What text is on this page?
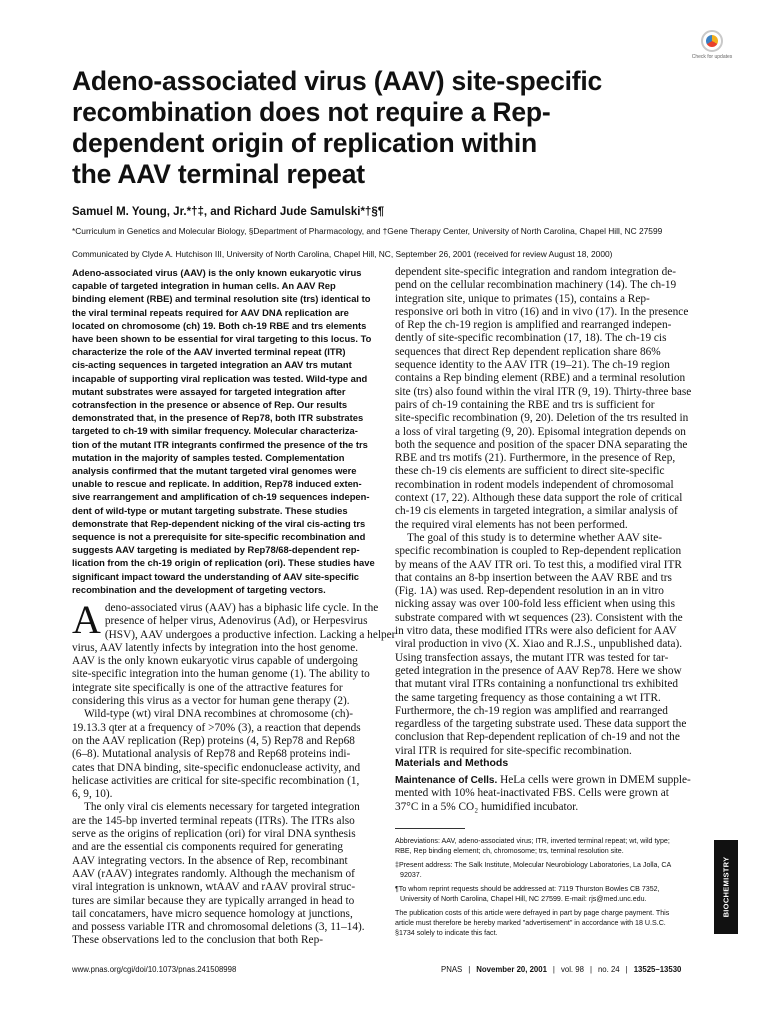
Check for updates
Adeno-associated virus (AAV) site-specific
recombination does not require a Rep-
dependent origin of replication within
the AAV terminal repeat
Samuel M. Young, Jr.*†‡, and Richard Jude Samulski*†§¶
*Curriculum in Genetics and Molecular Biology, §Department of Pharmacology, and †Gene Therapy Center, University of North Carolina, Chapel Hill, NC 27599
Communicated by Clyde A. Hutchison III, University of North Carolina, Chapel Hill, NC, September 26, 2001 (received for review August 18, 2000)
Adeno-associated virus (AAV) is the only known eukaryotic virus
capable of targeted integration in human cells. An AAV Rep
binding element (RBE) and terminal resolution site (trs) identical to
the viral terminal repeats required for AAV DNA replication are
located on chromosome (ch) 19. Both ch-19 RBE and trs elements
have been shown to be essential for viral targeting to this locus. To
characterize the role of the AAV inverted terminal repeat (ITR)
cis-acting sequences in targeted integration an AAV trs mutant
incapable of supporting viral replication was tested. Wild-type and
mutant substrates were assayed for targeted integration after
cotransfection in the presence or absence of Rep. Our results
demonstrated that, in the presence of Rep78, both ITR substrates
targeted to ch-19 with similar frequency. Molecular characteriza-
tion of the mutant ITR integrants confirmed the presence of the trs
mutation in the majority of samples tested. Complementation
analysis confirmed that the mutant targeted viral genomes were
unable to rescue and replicate. In addition, Rep78 induced exten-
sive rearrangement and amplification of ch-19 sequences indepen-
dent of wild-type or mutant targeting substrate. These studies
demonstrate that Rep-dependent nicking of the viral cis-acting trs
sequence is not a prerequisite for site-specific recombination and
suggests AAV targeting is mediated by Rep78/68-dependent rep-
lication from the ch-19 origin of replication (ori). These studies have
significant impact toward the understanding of AAV site-specific
recombination and the development of targeting vectors.
A deno-associated virus (AAV) has a biphasic life cycle. In the
presence of helper virus, Adenovirus (Ad), or Herpesvirus
(HSV), AAV undergoes a productive infection. Lacking a helper
virus, AAV latently infects by integration into the host genome.
AAV is the only known eukaryotic virus capable of undergoing
site-specific integration into the human genome (1). The ability to
integrate site specifically is one of the attractive features for
considering this virus as a vector for human gene therapy (2).
Wild-type (wt) viral DNA recombines at chromosome (ch)-
19.13.3 qter at a frequency of >70% (3), a reaction that depends
on the AAV replication (Rep) proteins (4, 5) Rep78 and Rep68
(6–8). Mutational analysis of Rep78 and Rep68 proteins indi-
cates that DNA binding, site-specific endonuclease activity, and
helicase activities are critical for site-specific recombination (1,
6, 9, 10).
The only viral cis elements necessary for targeted integration
are the 145-bp inverted terminal repeats (ITRs). The ITRs also
serve as the origins of replication (ori) for viral DNA synthesis
and are the essential cis components required for generating
AAV integrating vectors. In the absence of Rep, recombinant
AAV (rAAV) integrates randomly. Although the mechanism of
viral integration is unknown, wtAAV and rAAV proviral struc-
tures are similar because they are typically arranged in head to
tail concatamers, have micro sequence homology at junctions,
and possess variable ITR and chromosomal deletions (3, 11–14).
These observations led to the conclusion that both Rep-
dependent site-specific integration and random integration de-
pend on the cellular recombination machinery (14). The ch-19
integration site, unique to primates (15), contains a Rep-
responsive ori both in vitro (16) and in vivo (17). In the presence
of Rep the ch-19 region is amplified and rearranged indepen-
dently of site-specific recombination (17, 18). The ch-19 cis
sequences that direct Rep dependent replication share 86%
sequence identity to the AAV ITR (19–21). The ch-19 region
contains a Rep binding element (RBE) and a terminal resolution
site (trs) also found within the viral ITR (9, 19). Thirty-three base
pairs of ch-19 containing the RBE and trs is sufficient for
site-specific recombination (9, 20). Deletion of the trs resulted in
a loss of viral targeting (9, 20). Episomal integration depends on
both the sequence and position of the spacer DNA separating the
RBE and trs motifs (21). Furthermore, in the presence of Rep,
these ch-19 cis elements are sufficient to direct site-specific
recombination in rodent models independent of chromosomal
context (17, 22). Although these data support the role of critical
ch-19 cis elements in targeted integration, a similar analysis of
the required viral elements has not been performed.
The goal of this study is to determine whether AAV site-
specific recombination is coupled to Rep-dependent replication
by means of the AAV ITR ori. To test this, a modified viral ITR
that contains an 8-bp insertion between the AAV RBE and trs
(Fig. 1A) was used. Rep-dependent resolution in an in vitro
nicking assay was over 100-fold less efficient when using this
substrate compared with wt sequences (23). Consistent with the
in vitro data, these modified ITRs were also deficient for AAV
viral production in vivo (X. Xiao and R.J.S., unpublished data).
Using transfection assays, the mutant ITR was tested for tar-
geted integration in the presence of AAV Rep78. Here we show
that mutant viral ITRs containing a nonfunctional trs exhibited
the same targeting frequency as those containing a wt ITR.
Furthermore, the ch-19 region was amplified and rearranged
regardless of the targeting substrate used. These data support the
conclusion that Rep-dependent replication of ch-19 and not the
viral ITR is required for site-specific recombination.
Materials and Methods
Maintenance of Cells. HeLa cells were grown in DMEM supple-
mented with 10% heat-inactivated FBS. Cells were grown at
37°C in a 5% CO₂ humidified incubator.

Abbreviations: AAV, adeno-associated virus; ITR, inverted terminal repeat; wt, wild type;
RBE, Rep binding element; ch, chromosome; trs, terminal resolution site.

‡Present address: The Salk Institute, Molecular Neurobiology Laboratories, La Jolla, CA
92037.

¶To whom reprint requests should be addressed at: 7119 Thurston Bowles CB 7352,
University of North Carolina, Chapel Hill, NC 27599. E-mail: rjs@med.unc.edu.

The publication costs of this article were defrayed in part by page charge payment. This
article must therefore be hereby marked "advertisement" in accordance with 18 U.S.C.
§1734 solely to indicate this fact.

BIOCHEMISTRY
www.pnas.org/cgi/doi/10.1073/pnas.241508998	PNAS | November 20, 2001 | vol. 98 | no. 24 | 13525–13530
